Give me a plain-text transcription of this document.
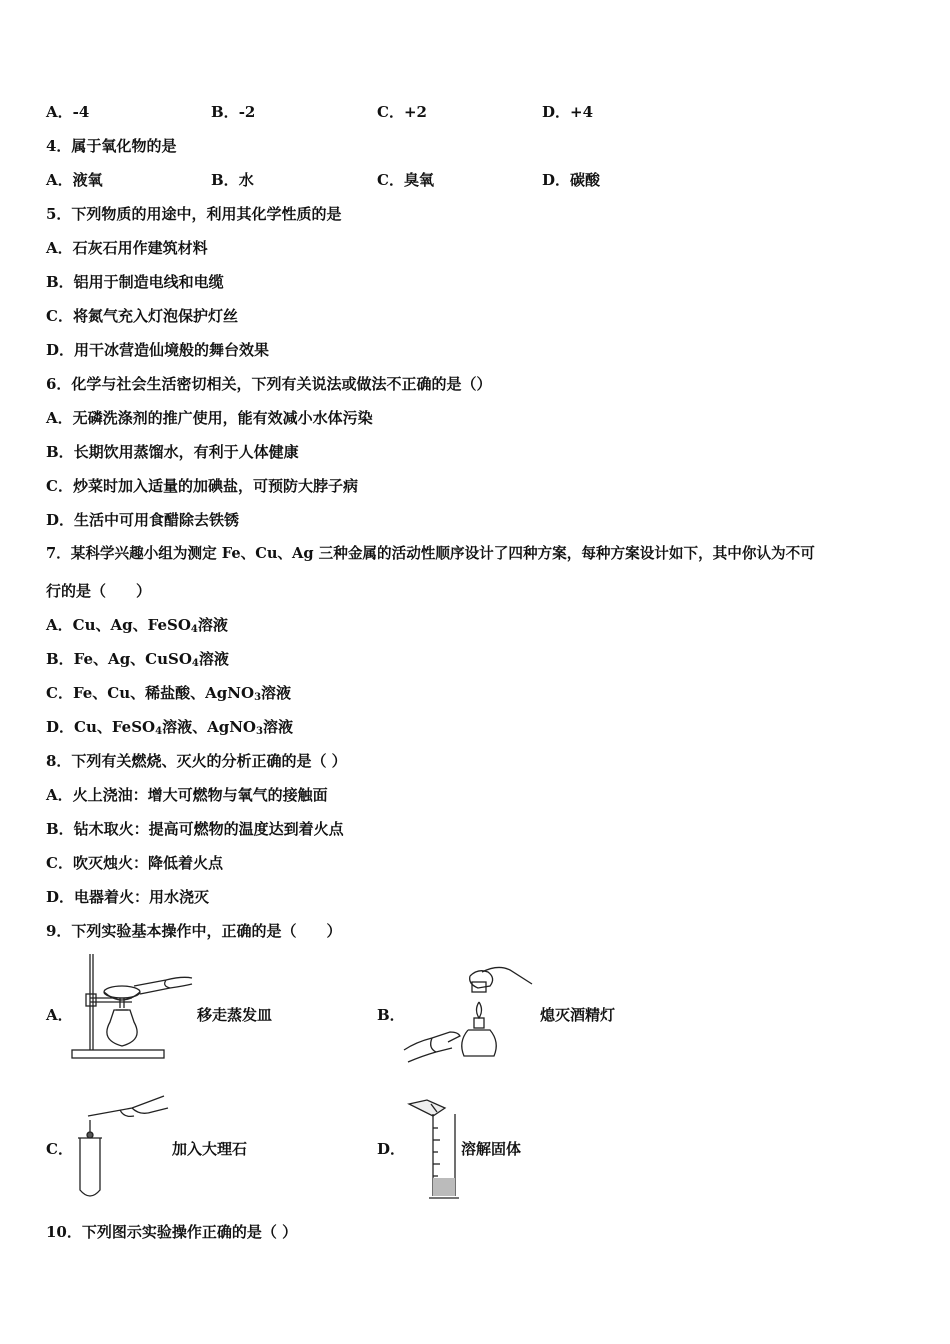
A．-4	B．-2	C．+2	D．+4
4．属于氧化物的是
A．液氧	B．水	C．臭氧	D．碳酸
5．下列物质的用途中，利用其化学性质的是
A．石灰石用作建筑材料
B．铝用于制造电线和电缆
C．将氮气充入灯泡保护灯丝
D．用干冰营造仙境般的舞台效果
6．化学与社会生活密切相关，下列有关说法或做法不正确的是（）
A．无磷洗涤剂的推广使用，能有效减小水体污染
B．长期饮用蒸馏水，有利于人体健康
C．炒菜时加入适量的加碘盐，可预防大脖子病
D．生活中可用食醋除去铁锈
7．某科学兴趣小组为测定 Fe、Cu、Ag 三种金属的活动性顺序设计了四种方案，每种方案设计如下，其中你认为不可
行的是（　　）
A．Cu、Ag、FeSO$_4$溶液
B．Fe、Ag、CuSO$_4$溶液
C．Fe、Cu、稀盐酸、AgNO$_3$溶液
D．Cu、FeSO$_4$溶液、AgNO$_3$溶液
8．下列有关燃烧、灭火的分析正确的是（ ）
A．火上浇油：增大可燃物与氧气的接触面
B．钻木取火：提高可燃物的温度达到着火点
C．吹灭烛火：降低着火点
D．电器着火：用水浇灭
9．下列实验基本操作中，正确的是（　　）
A．	移走蒸发皿	B．	熄灭酒精灯
C．	加入大理石	D．	溶解固体
10．下列图示实验操作正确的是（ ）
